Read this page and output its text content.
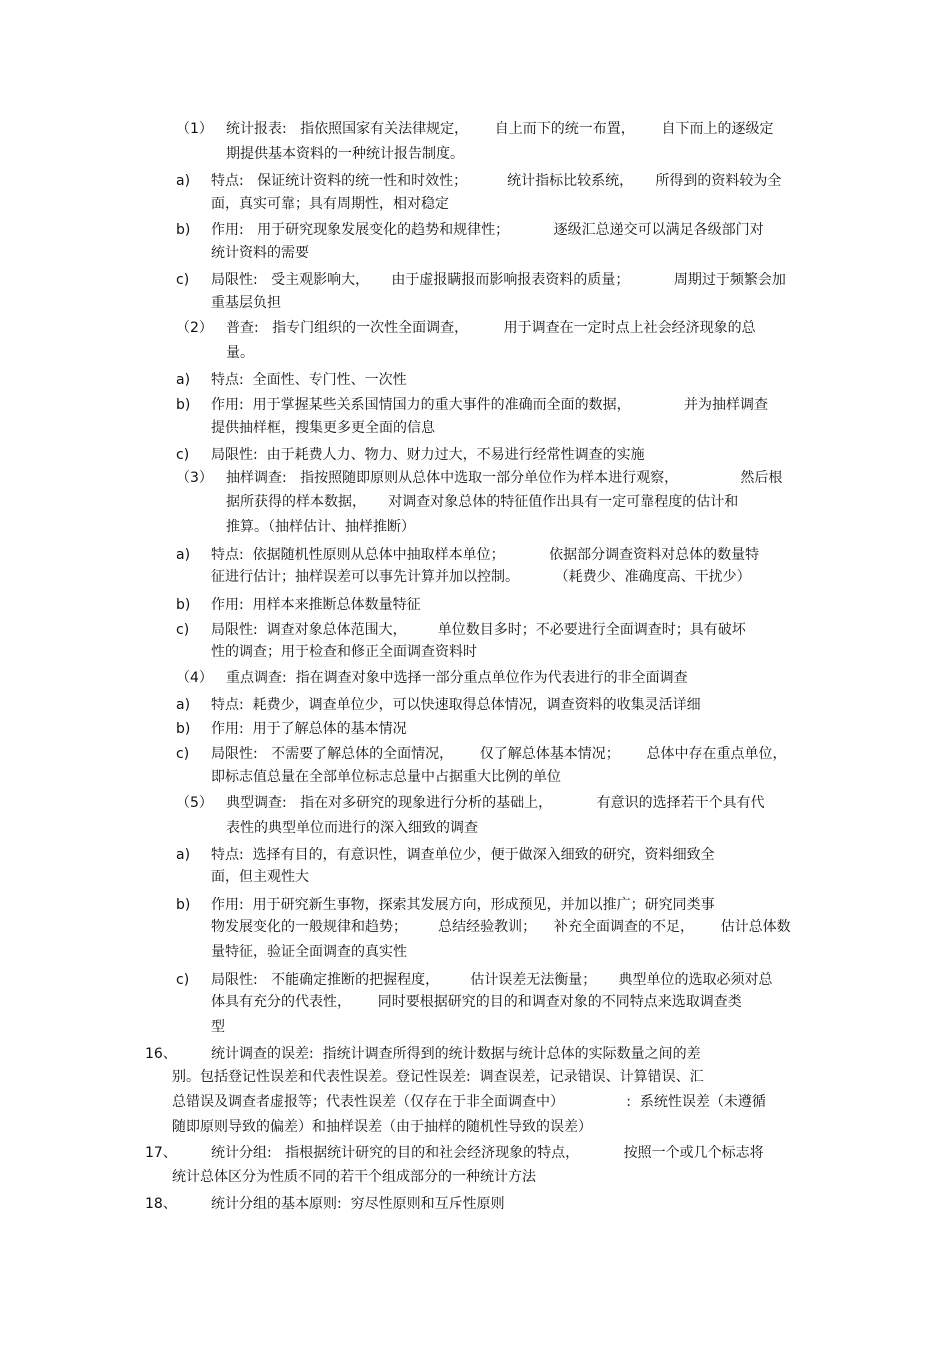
（1） 统计报表:   指依照国家有关法律规定，      自上而下的统一布置，      自下而上的逐级定
期提供基本资料的一种统计报告制度。
a) 特点:   保证统计资料的统一性和时效性；         统计指标比较系统，     所得到的资料较为全
面，真实可靠；具有周期性，相对稳定
b) 作用:   用于研究现象发展变化的趋势和规律性；          逐级汇总递交可以满足各级部门对
统计资料的需要
c) 局限性:   受主观影响大，     由于虚报瞒报而影响报表资料的质量；          周期过于频繁会加
重基层负担
（2） 普查:   指专门组织的一次性全面调查，        用于调查在一定时点上社会经济现象的总
量。
a) 特点:  全面性、专门性、一次性
b) 作用:  用于掌握某些关系国情国力的重大事件的准确而全面的数据，            并为抽样调查
提供抽样框，搜集更多更全面的信息
c) 局限性:  由于耗费人力、物力、财力过大，不易进行经常性调查的实施
（3） 抽样调查:   指按照随即原则从总体中选取一部分单位作为样本进行观察，              然后根
据所获得的样本数据，     对调查对象总体的特征值作出具有一定可靠程度的估计和
推算。（抽样估计、抽样推断）
a) 特点:  依据随机性原则从总体中抽取样本单位；          依据部分调查资料对总体的数量特
征进行估计；抽样误差可以事先计算并加以控制。        （耗费少、准确度高、干扰少）
b) 作用:  用样本来推断总体数量特征
c) 局限性:  调查对象总体范围大，       单位数目多时；不必要进行全面调查时；具有破坏
性的调查；用于检查和修正全面调查资料时
（4） 重点调查:  指在调查对象中选择一部分重点单位作为代表进行的非全面调查
a) 特点:  耗费少，调查单位少，可以快速取得总体情况，调查资料的收集灵活详细
b) 作用:  用于了解总体的基本情况
c) 局限性:   不需要了解总体的全面情况，      仅了解总体基本情况；      总体中存在重点单位，
即标志值总量在全部单位标志总量中占据重大比例的单位
（5） 典型调查:   指在对多研究的现象进行分析的基础上，          有意识的选择若干个具有代
表性的典型单位而进行的深入细致的调查
a) 特点:  选择有目的，有意识性，调查单位少，便于做深入细致的研究，资料细致全
面，但主观性大
b) 作用:  用于研究新生事物，探索其发展方向，形成预见，并加以推广；研究同类事
物发展变化的一般规律和趋势；       总结经验教训；    补充全面调查的不足，      估计总体数
量特征，验证全面调查的真实性
c) 局限性:   不能确定推断的把握程度，       估计误差无法衡量；     典型单位的选取必须对总
体具有充分的代表性，      同时要根据研究的目的和调查对象的不同特点来选取调查类
型
16、 统计调查的误差:  指统计调查所得到的统计数据与统计总体的实际数量之间的差
别。包括登记性误差和代表性误差。登记性误差:  调查误差，记录错误、计算错误、汇
总错误及调查者虚报等；代表性误差（仅存在于非全面调查中）              :  系统性误差（未遵循
随即原则导致的偏差）和抽样误差（由于抽样的随机性导致的误差）
17、 统计分组:   指根据统计研究的目的和社会经济现象的特点，          按照一个或几个标志将
统计总体区分为性质不同的若干个组成部分的一种统计方法
18、 统计分组的基本原则:  穷尽性原则和互斥性原则
